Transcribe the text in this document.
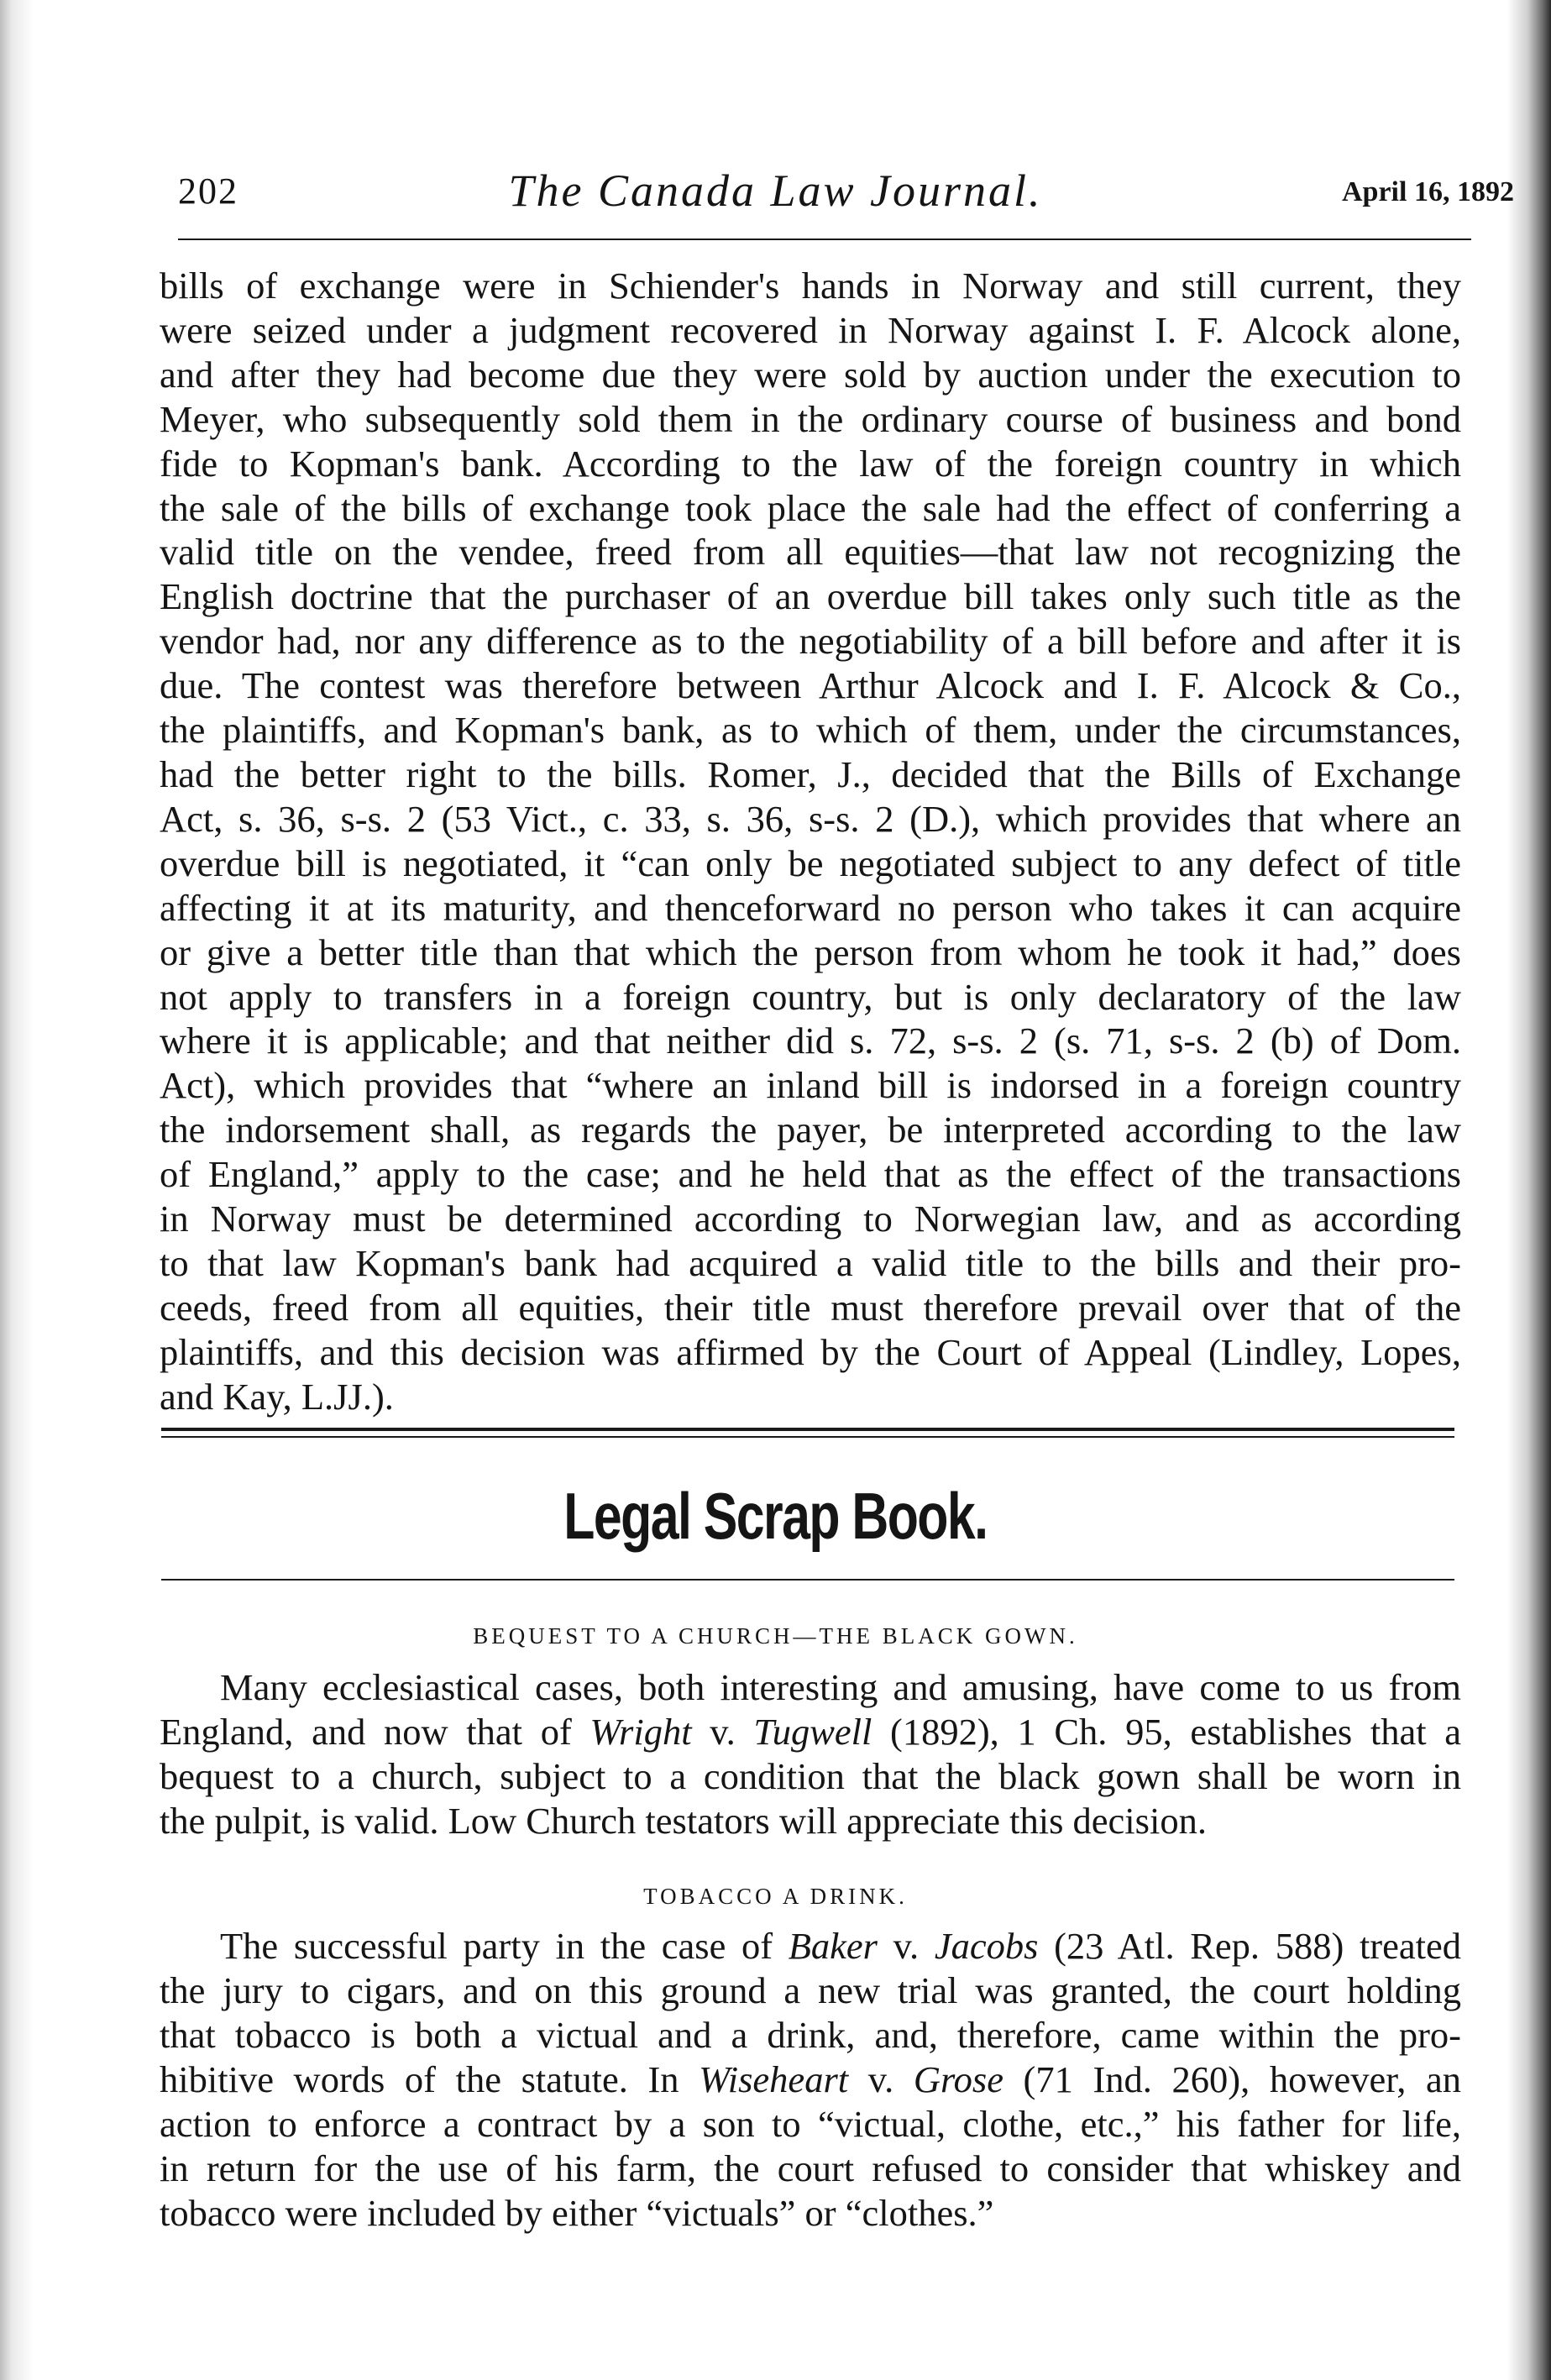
202	The Canada Law Journal.	April 16, 1892
bills of exchange were in Schiender's hands in Norway and still current, they
were seized under a judgment recovered in Norway against I. F. Alcock alone,
and after they had become due they were sold by auction under the execution to
Meyer, who subsequently sold them in the ordinary course of business and bond
fide to Kopman's bank. According to the law of the foreign country in which
the sale of the bills of exchange took place the sale had the effect of conferring a
valid title on the vendee, freed from all equities—that law not recognizing the
English doctrine that the purchaser of an overdue bill takes only such title as the
vendor had, nor any difference as to the negotiability of a bill before and after it is
due. The contest was therefore between Arthur Alcock and I. F. Alcock & Co.,
the plaintiffs, and Kopman's bank, as to which of them, under the circumstances,
had the better right to the bills. Romer, J., decided that the Bills of Exchange
Act, s. 36, s-s. 2 (53 Vict., c. 33, s. 36, s-s. 2 (D.), which provides that where an
overdue bill is negotiated, it “can only be negotiated subject to any defect of title
affecting it at its maturity, and thenceforward no person who takes it can acquire
or give a better title than that which the person from whom he took it had,” does
not apply to transfers in a foreign country, but is only declaratory of the law
where it is applicable; and that neither did s. 72, s-s. 2 (s. 71, s-s. 2 (b) of Dom.
Act), which provides that “where an inland bill is indorsed in a foreign country
the indorsement shall, as regards the payer, be interpreted according to the law
of England,” apply to the case; and he held that as the effect of the transactions
in Norway must be determined according to Norwegian law, and as according
to that law Kopman's bank had acquired a valid title to the bills and their pro-
ceeds, freed from all equities, their title must therefore prevail over that of the
plaintiffs, and this decision was affirmed by the Court of Appeal (Lindley, Lopes,
and Kay, L.JJ.).
Legal Scrap Book.
BEQUEST TO A CHURCH—THE BLACK GOWN.
Many ecclesiastical cases, both interesting and amusing, have come to us from
England, and now that of Wright v. Tugwell (1892), 1 Ch. 95, establishes that a
bequest to a church, subject to a condition that the black gown shall be worn in
the pulpit, is valid. Low Church testators will appreciate this decision.
TOBACCO A DRINK.
The successful party in the case of Baker v. Jacobs (23 Atl. Rep. 588) treated
the jury to cigars, and on this ground a new trial was granted, the court holding
that tobacco is both a victual and a drink, and, therefore, came within the pro-
hibitive words of the statute. In Wiseheart v. Grose (71 Ind. 260), however, an
action to enforce a contract by a son to “victual, clothe, etc.,” his father for life,
in return for the use of his farm, the court refused to consider that whiskey and
tobacco were included by either “victuals” or “clothes.”
